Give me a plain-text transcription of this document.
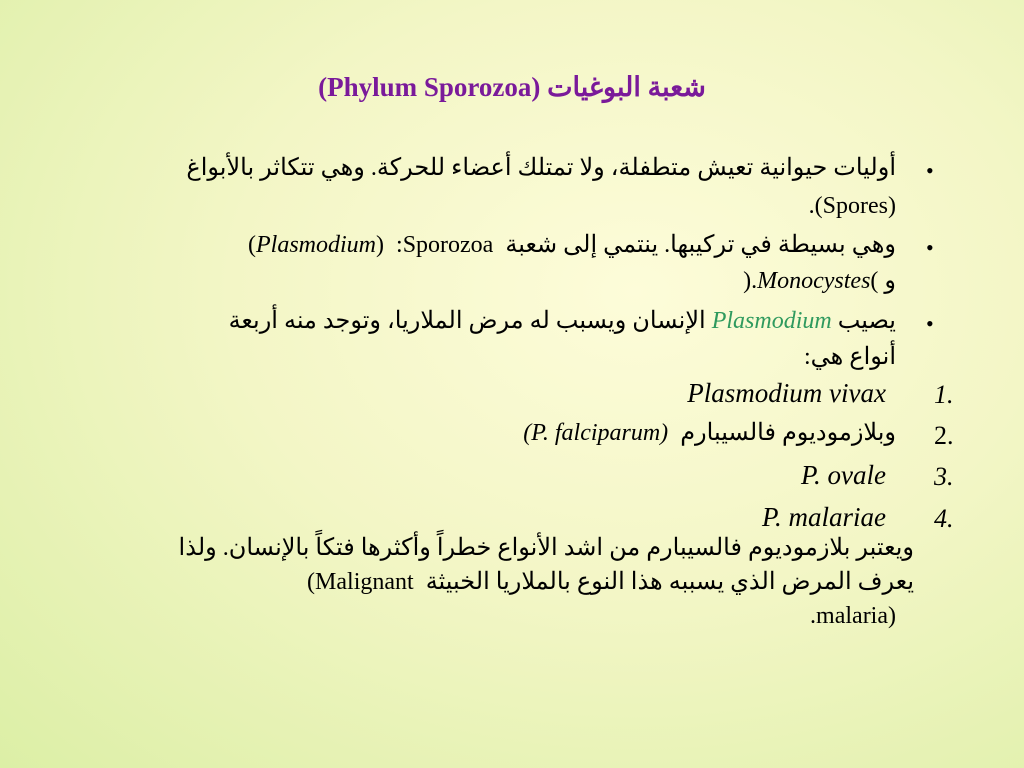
(Phylum Sporozoa) شعبة البوغيات
•
أوليات حيوانية تعيش متطفلة، ولا تمتلك أعضاء للحركة. وهي تتكاثر بالأبواغ
.(Spores)
•
(Plasmodium) :Sporozoa وهي بسيطة في تركيبها. ينتمي إلى شعبة
).Monocystes( و
•
الإنسان ويسبب له مرض الملاريا، وتوجد منه أربعة Plasmodium يصيب
أنواع هي:
1.
Plasmodium vivax
2.
(P. falciparum) وبلازموديوم فالسيبارم
3.
P. ovale
4.
P. malariae
ويعتبر بلازموديوم فالسيبارم من اشد الأنواع خطراً وأكثرها فتكاً بالإنسان. ولذا
(Malignant يعرف المرض الذي يسببه هذا النوع بالملاريا الخبيثة
.malaria)
